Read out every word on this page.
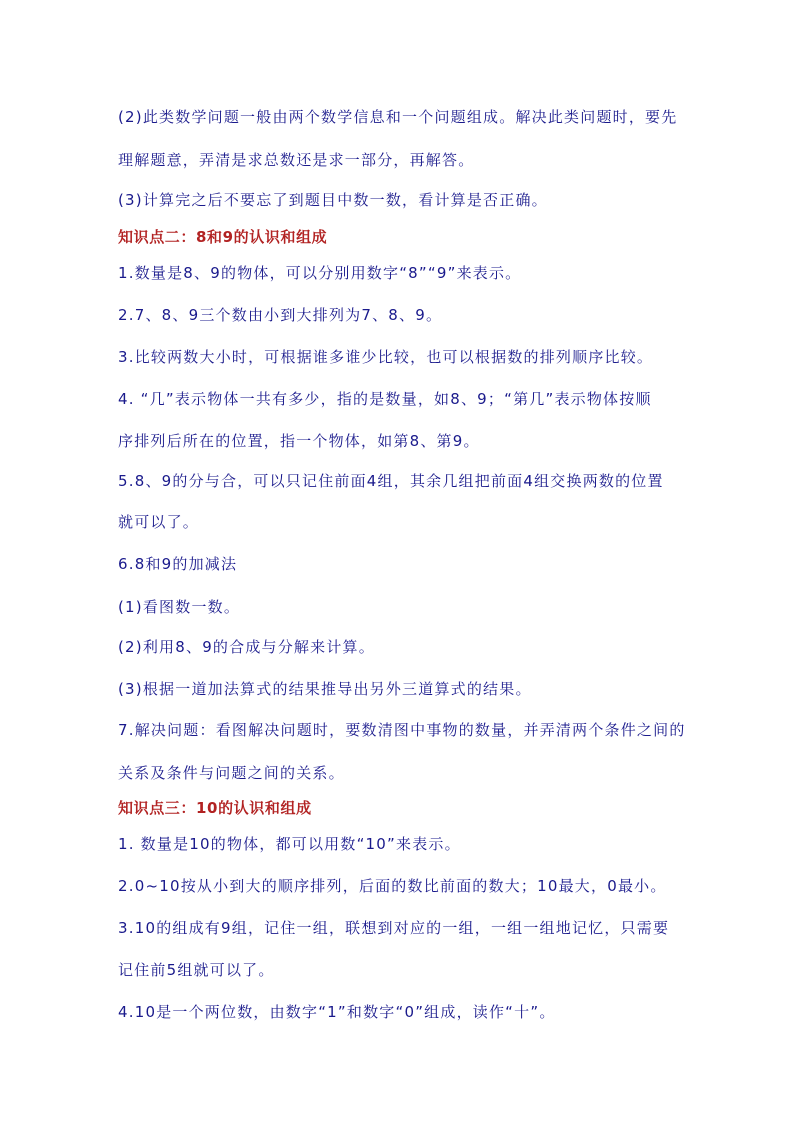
(2)此类数学问题一般由两个数学信息和一个问题组成。解决此类问题时，要先
理解题意，弄清是求总数还是求一部分，再解答。
(3)计算完之后不要忘了到题目中数一数，看计算是否正确。
知识点二：8和9的认识和组成
1.数量是8、9的物体，可以分别用数字“8”“9”来表示。
2.7、8、9三个数由小到大排列为7、8、9。
3.比较两数大小时，可根据谁多谁少比较，也可以根据数的排列顺序比较。
4. “几”表示物体一共有多少，指的是数量，如8、9；“第几”表示物体按顺
序排列后所在的位置，指一个物体，如第8、第9。
5.8、9的分与合，可以只记住前面4组，其余几组把前面4组交换两数的位置
就可以了。
6.8和9的加减法
(1)看图数一数。
(2)利用8、9的合成与分解来计算。
(3)根据一道加法算式的结果推导出另外三道算式的结果。
7.解决问题：看图解决问题时，要数清图中事物的数量，并弄清两个条件之间的
关系及条件与问题之间的关系。
知识点三：10的认识和组成
1. 数量是10的物体，都可以用数“10”来表示。
2.0~10按从小到大的顺序排列，后面的数比前面的数大；10最大，0最小。
3.10的组成有9组，记住一组，联想到对应的一组，一组一组地记忆，只需要
记住前5组就可以了。
4.10是一个两位数，由数字“1”和数字“0”组成，读作“十”。
